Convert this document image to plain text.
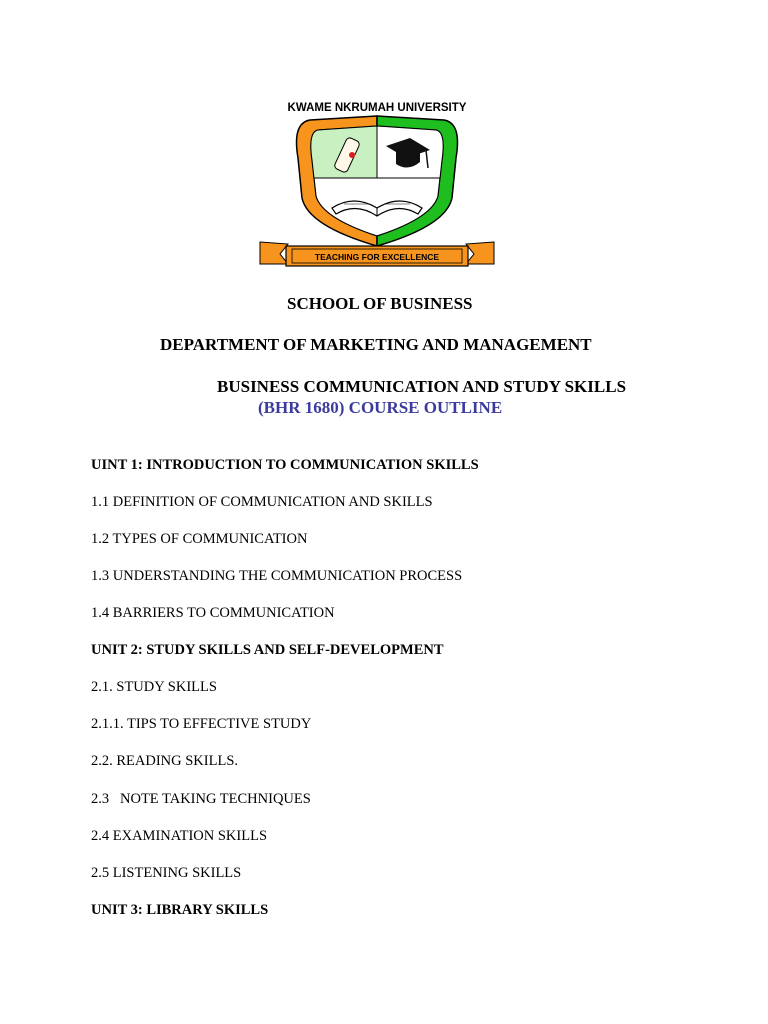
KWAME NKRUMAH UNIVERSITY
TEACHING FOR EXCELLENCE
SCHOOL OF BUSINESS
DEPARTMENT OF MARKETING AND MANAGEMENT
BUSINESS COMMUNICATION AND STUDY SKILLS
(BHR 1680) COURSE OUTLINE
UINT 1: INTRODUCTION TO COMMUNICATION SKILLS
1.1 DEFINITION OF COMMUNICATION AND SKILLS
1.2 TYPES OF COMMUNICATION
1.3 UNDERSTANDING THE COMMUNICATION PROCESS
1.4 BARRIERS TO COMMUNICATION
UNIT 2: STUDY SKILLS AND SELF-DEVELOPMENT
2.1. STUDY SKILLS
2.1.1. TIPS TO EFFECTIVE STUDY
2.2. READING SKILLS.
2.3   NOTE TAKING TECHNIQUES
2.4 EXAMINATION SKILLS
2.5 LISTENING SKILLS
UNIT 3: LIBRARY SKILLS
